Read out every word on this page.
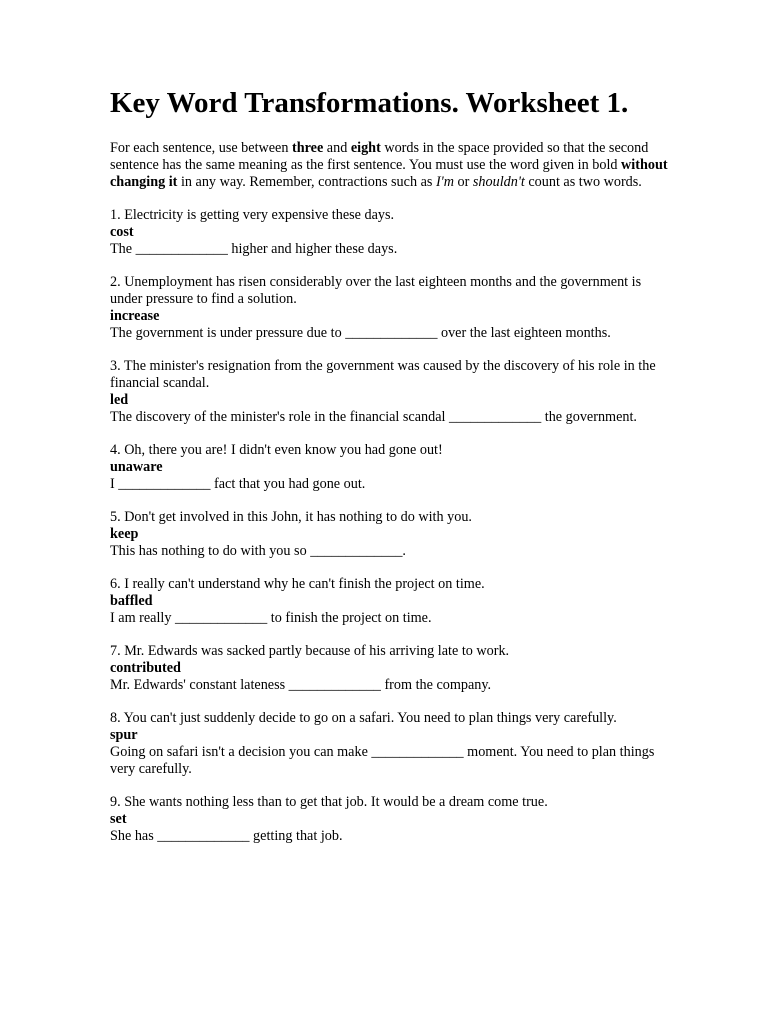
Key Word Transformations. Worksheet 1.

For each sentence, use between three and eight words in the space provided so that the second sentence has the same meaning as the first sentence. You must use the word given in bold without changing it in any way. Remember, contractions such as I'm or shouldn't count as two words.

1. Electricity is getting very expensive these days.
cost
The _____________ higher and higher these days.
2. Unemployment has risen considerably over the last eighteen months and the government is under pressure to find a solution.
increase
The government is under pressure due to _____________ over the last eighteen months.
3. The minister's resignation from the government was caused by the discovery of his role in the financial scandal.
led
The discovery of the minister's role in the financial scandal _____________ the government.
4. Oh, there you are! I didn't even know you had gone out!
unaware
I _____________ fact that you had gone out.
5. Don't get involved in this John, it has nothing to do with you.
keep
This has nothing to do with you so _____________.
6. I really can't understand why he can't finish the project on time.
baffled
I am really _____________ to finish the project on time.
7. Mr. Edwards was sacked partly because of his arriving late to work.
contributed
Mr. Edwards' constant lateness _____________ from the company.
8. You can't just suddenly decide to go on a safari. You need to plan things very carefully.
spur
Going on safari isn't a decision you can make _____________ moment. You need to plan things very carefully.
9. She wants nothing less than to get that job. It would be a dream come true.
set
She has _____________ getting that job.
